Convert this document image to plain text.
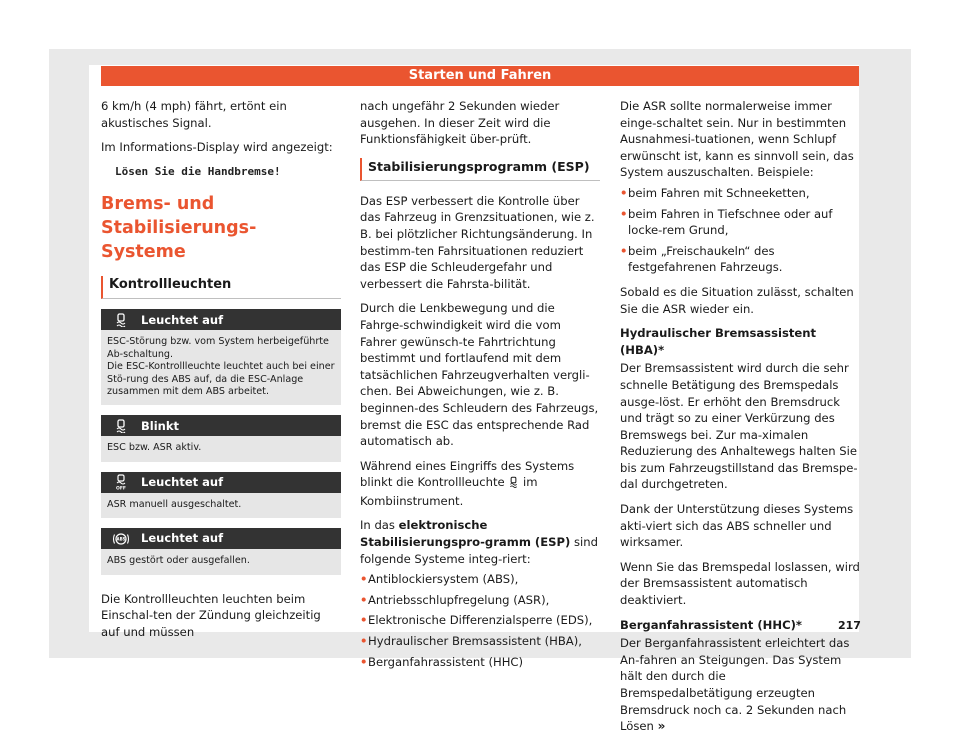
Starten und Fahren

6 km/h (4 mph) fährt, ertönt ein akustisches Signal.

Im Informations-Display wird angezeigt:

Lösen Sie die Handbremse!
Brems- und Stabilisierungs-Systeme
Kontrollleuchten
Leuchtet auf
ESC-Störung bzw. vom System herbeigeführte Ab-schaltung.
Die ESC-Kontrollleuchte leuchtet auch bei einer Stö-rung des ABS auf, da die ESC-Anlage zusammen mit dem ABS arbeitet.
Blinkt
ESC bzw. ASR aktiv.
OFF
Leuchtet auf
ASR manuell ausgeschaltet.
ABS Leuchtet auf
ABS gestört oder ausgefallen.

Die Kontrollleuchten leuchten beim Einschal-ten der Zündung gleichzeitig auf und müssen

nach ungefähr 2 Sekunden wieder ausgehen. In dieser Zeit wird die Funktionsfähigkeit über-prüft.

Stabilisierungsprogramm (ESP)

Das ESP verbessert die Kontrolle über das Fahrzeug in Grenzsituationen, wie z. B. bei plötzlicher Richtungsänderung. In bestimm-ten Fahrsituationen reduziert das ESP die Schleudergefahr und verbessert die Fahrsta-bilität.

Durch die Lenkbewegung und die Fahrge-schwindigkeit wird die vom Fahrer gewünsch-te Fahrtrichtung bestimmt und fortlaufend mit dem tatsächlichen Fahrzeugverhalten vergli-chen. Bei Abweichungen, wie z. B. beginnen-des Schleudern des Fahrzeugs, bremst die ESC das entsprechende Rad automatisch ab.

Während eines Eingriffs des Systems blinkt die Kontrollleuchte im Kombiinstrument.

In das elektronische Stabilisierungspro-gramm (ESP) sind folgende Systeme integ-riert:

• Antiblockiersystem (ABS),
• Antriebsschlupfregelung (ASR),
• Elektronische Differenzialsperre (EDS),
• Hydraulischer Bremsassistent (HBA),
• Berganfahrassistent (HHC)

Die ASR sollte normalerweise immer einge-schaltet sein. Nur in bestimmten Ausnahmesi-tuationen, wenn Schlupf erwünscht ist, kann es sinnvoll sein, das System auszuschalten. Beispiele:

• beim Fahren mit Schneeketten,
• beim Fahren in Tiefschnee oder auf locke-rem Grund,
• beim „Freischaukeln“ des festgefahrenen Fahrzeugs.

Sobald es die Situation zulässt, schalten Sie die ASR wieder ein.

Hydraulischer Bremsassistent (HBA)*

Der Bremsassistent wird durch die sehr schnelle Betätigung des Bremspedals ausge-löst. Er erhöht den Bremsdruck und trägt so zu einer Verkürzung des Bremswegs bei. Zur ma-ximalen Reduzierung des Anhaltewegs halten Sie bis zum Fahrzeugstillstand das Bremspe-dal durchgetreten.

Dank der Unterstützung dieses Systems akti-viert sich das ABS schneller und wirksamer.

Wenn Sie das Bremspedal loslassen, wird der Bremsassistent automatisch deaktiviert.

Berganfahrassistent (HHC)*

Der Berganfahrassistent erleichtert das An-fahren an Steigungen. Das System hält den durch die Bremspedalbetätigung erzeugten Bremsdruck noch ca. 2 Sekunden nach Lösen »

217
